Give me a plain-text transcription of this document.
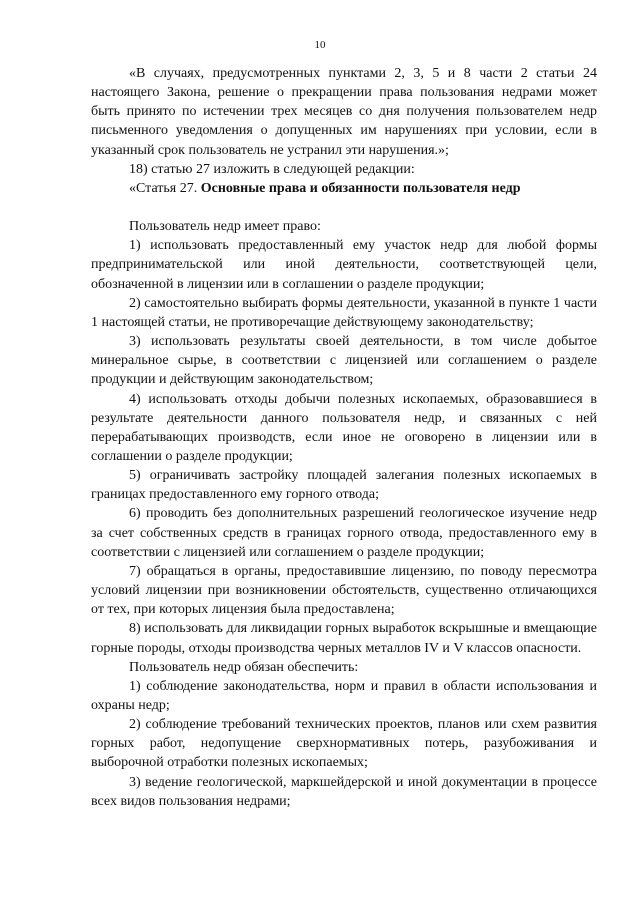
10

«В случаях, предусмотренных пунктами 2, 3, 5 и 8 части 2 статьи 24 настоящего Закона, решение о прекращении права пользования недрами может быть принято по истечении трех месяцев со дня получения пользователем недр письменного уведомления о допущенных им нарушениях при условии, если в указанный срок пользователь не устранил эти нарушения.»;

18) статью 27 изложить в следующей редакции:

«Статья 27. Основные права и обязанности пользователя недр

Пользователь недр имеет право:

1) использовать предоставленный ему участок недр для любой формы предпринимательской или иной деятельности, соответствующей цели, обозначенной в лицензии или в соглашении о разделе продукции;

2) самостоятельно выбирать формы деятельности, указанной в пункте 1 части 1 настоящей статьи, не противоречащие действующему законодательству;

3) использовать результаты своей деятельности, в том числе добытое минеральное сырье, в соответствии с лицензией или соглашением о разделе продукции и действующим законодательством;

4) использовать отходы добычи полезных ископаемых, образовавшиеся в результате деятельности данного пользователя недр, и связанных с ней перерабатывающих производств, если иное не оговорено в лицензии или в соглашении о разделе продукции;

5) ограничивать застройку площадей залегания полезных ископаемых в границах предоставленного ему горного отвода;

6) проводить без дополнительных разрешений геологическое изучение недр за счет собственных средств в границах горного отвода, предоставленного ему в соответствии с лицензией или соглашением о разделе продукции;

7) обращаться в органы, предоставившие лицензию, по поводу пересмотра условий лицензии при возникновении обстоятельств, существенно отличающихся от тех, при которых лицензия была предоставлена;

8) использовать для ликвидации горных выработок вскрышные и вмещающие горные породы, отходы производства черных металлов IV и V классов опасности.

Пользователь недр обязан обеспечить:

1) соблюдение законодательства, норм и правил в области использования и охраны недр;

2) соблюдение требований технических проектов, планов или схем развития горных работ, недопущение сверхнормативных потерь, разубоживания и выборочной отработки полезных ископаемых;

3) ведение геологической, маркшейдерской и иной документации в процессе всех видов пользования недрами;
